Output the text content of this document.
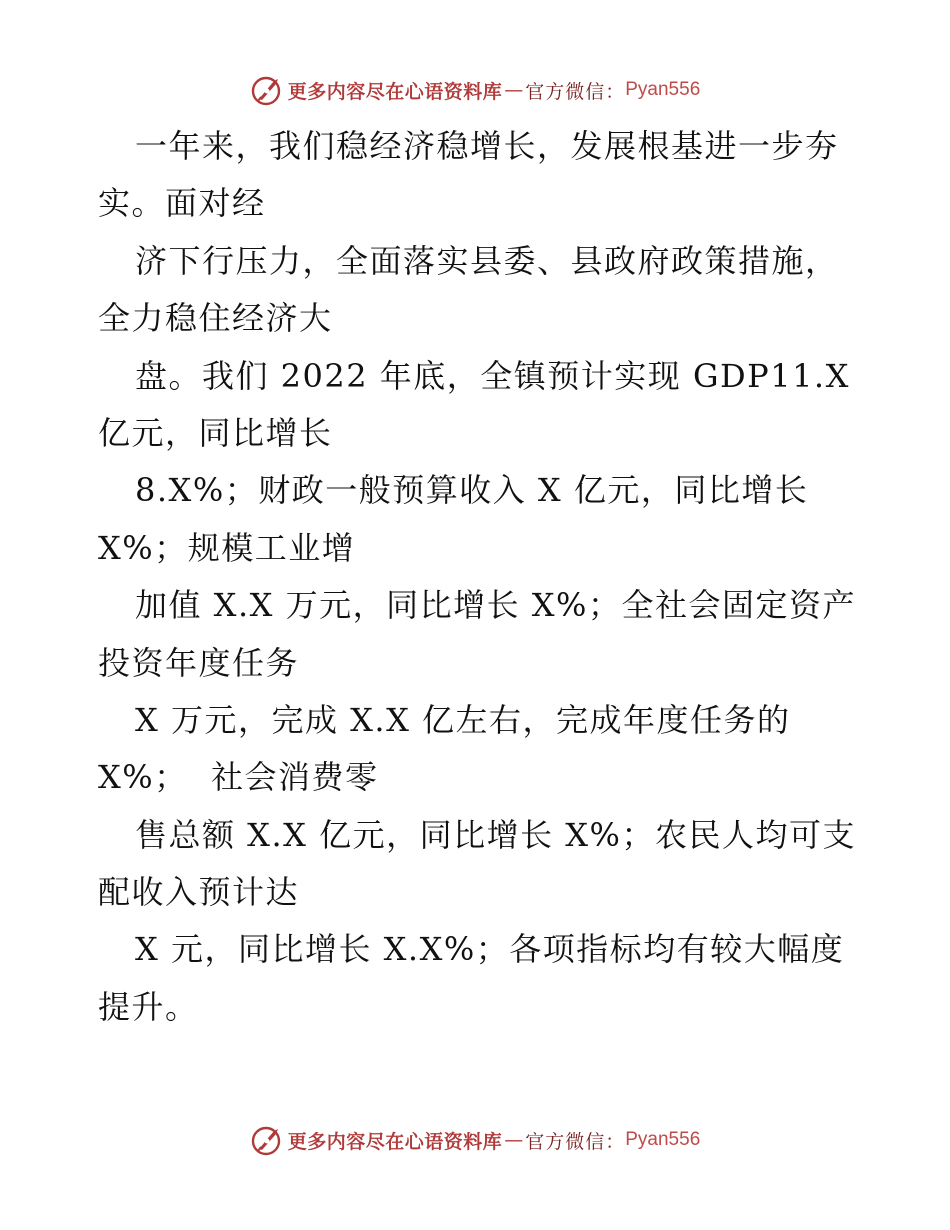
更多内容尽在心语资料库 — 官方微信： Pyan556
一年来，我们稳经济稳增长，发展根基进一步夯
实。面对经
济下行压力，全面落实县委、县政府政策措施，
全力稳住经济大
盘。我们 2022 年底，全镇预计实现 GDP11.X
亿元，同比增长
8.X%；财政一般预算收入 X 亿元，同比增长
X%；规模工业增
加值 X.X 万元，同比增长 X%；全社会固定资产
投资年度任务
X 万元，完成 X.X 亿左右，完成年度任务的
X%；  社会消费零
售总额 X.X 亿元，同比增长 X%；农民人均可支
配收入预计达
X 元，同比增长 X.X%；各项指标均有较大幅度
提升。
更多内容尽在心语资料库 — 官方微信： Pyan556
